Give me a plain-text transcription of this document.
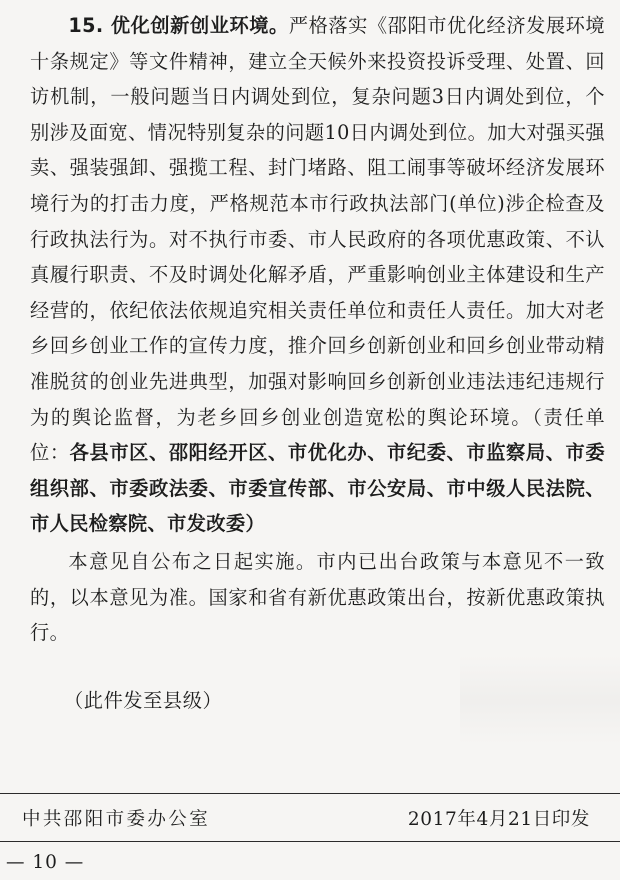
15. 优化创新创业环境。严格落实《邵阳市优化经济发展环境十条规定》等文件精神，建立全天候外来投资投诉受理、处置、回访机制，一般问题当日内调处到位，复杂问题3日内调处到位，个别涉及面宽、情况特别复杂的问题10日内调处到位。加大对强买强卖、强装强卸、强揽工程、封门堵路、阻工闹事等破坏经济发展环境行为的打击力度，严格规范本市行政执法部门(单位)涉企检查及行政执法行为。对不执行市委、市人民政府的各项优惠政策、不认真履行职责、不及时调处化解矛盾，严重影响创业主体建设和生产经营的，依纪依法依规追究相关责任单位和责任人责任。加大对老乡回乡创业工作的宣传力度，推介回乡创新创业和回乡创业带动精准脱贫的创业先进典型，加强对影响回乡创新创业违法违纪违规行为的舆论监督，为老乡回乡创业创造宽松的舆论环境。（责任单位：各县市区、邵阳经开区、市优化办、市纪委、市监察局、市委组织部、市委政法委、市委宣传部、市公安局、市中级人民法院、市人民检察院、市发改委）

本意见自公布之日起实施。市内已出台政策与本意见不一致的，以本意见为准。国家和省有新优惠政策出台，按新优惠政策执行。

（此件发至县级）
中共邵阳市委办公室	2017年4月21日印发
— 10 —
